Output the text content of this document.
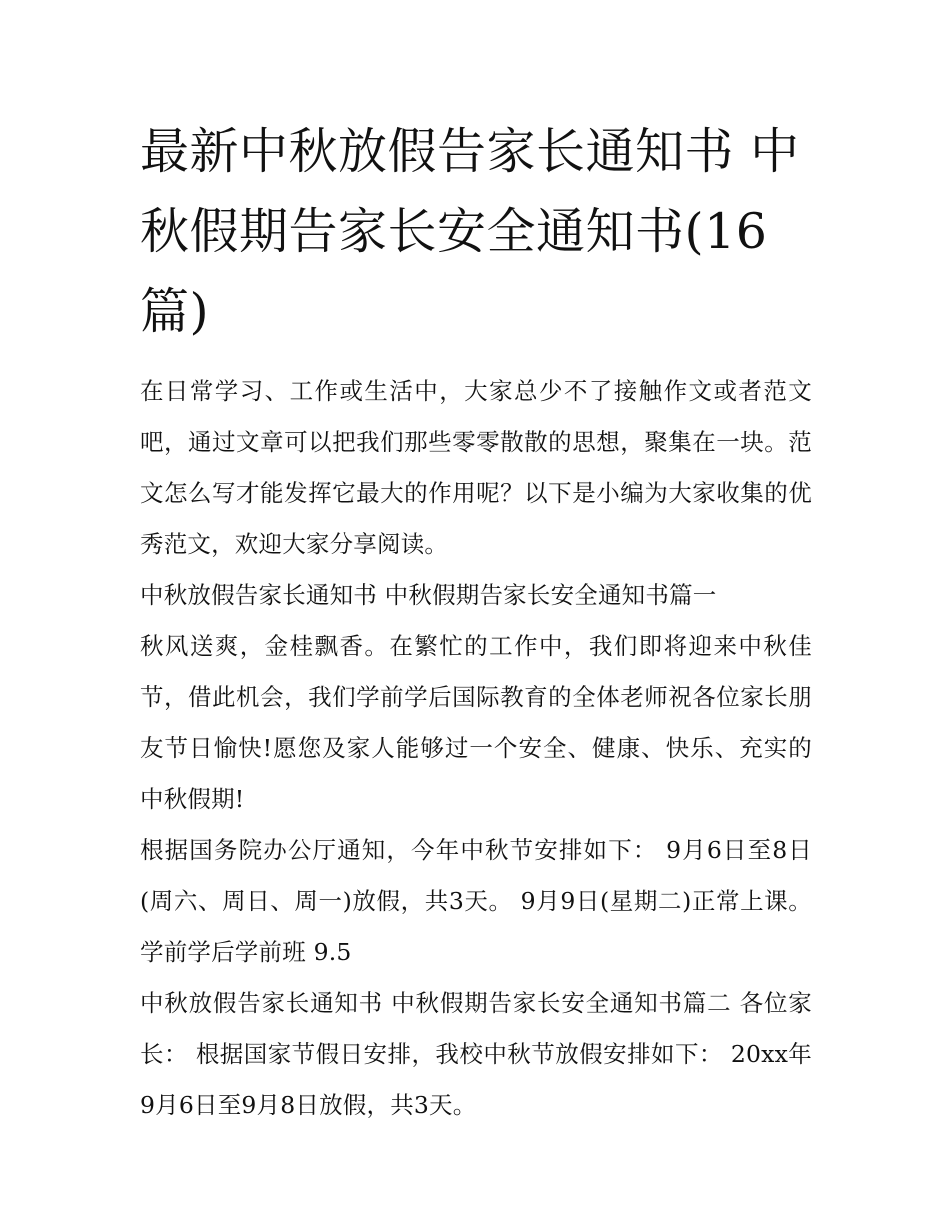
最新中秋放假告家长通知书 中秋假期告家长安全通知书(16篇)

在日常学习、工作或生活中，大家总少不了接触作文或者范文吧，通过文章可以把我们那些零零散散的思想，聚集在一块。范文怎么写才能发挥它最大的作用呢？以下是小编为大家收集的优秀范文，欢迎大家分享阅读。

中秋放假告家长通知书 中秋假期告家长安全通知书篇一

秋风送爽，金桂飘香。在繁忙的工作中，我们即将迎来中秋佳节，借此机会，我们学前学后国际教育的全体老师祝各位家长朋友节日愉快!愿您及家人能够过一个安全、健康、快乐、充实的中秋假期!

根据国务院办公厅通知，今年中秋节安排如下： 9月6日至8日(周六、周日、周一)放假，共3天。 9月9日(星期二)正常上课。 学前学后学前班 9.5

中秋放假告家长通知书 中秋假期告家长安全通知书篇二 各位家长： 根据国家节假日安排，我校中秋节放假安排如下： 20xx年9月6日至9月8日放假，共3天。
